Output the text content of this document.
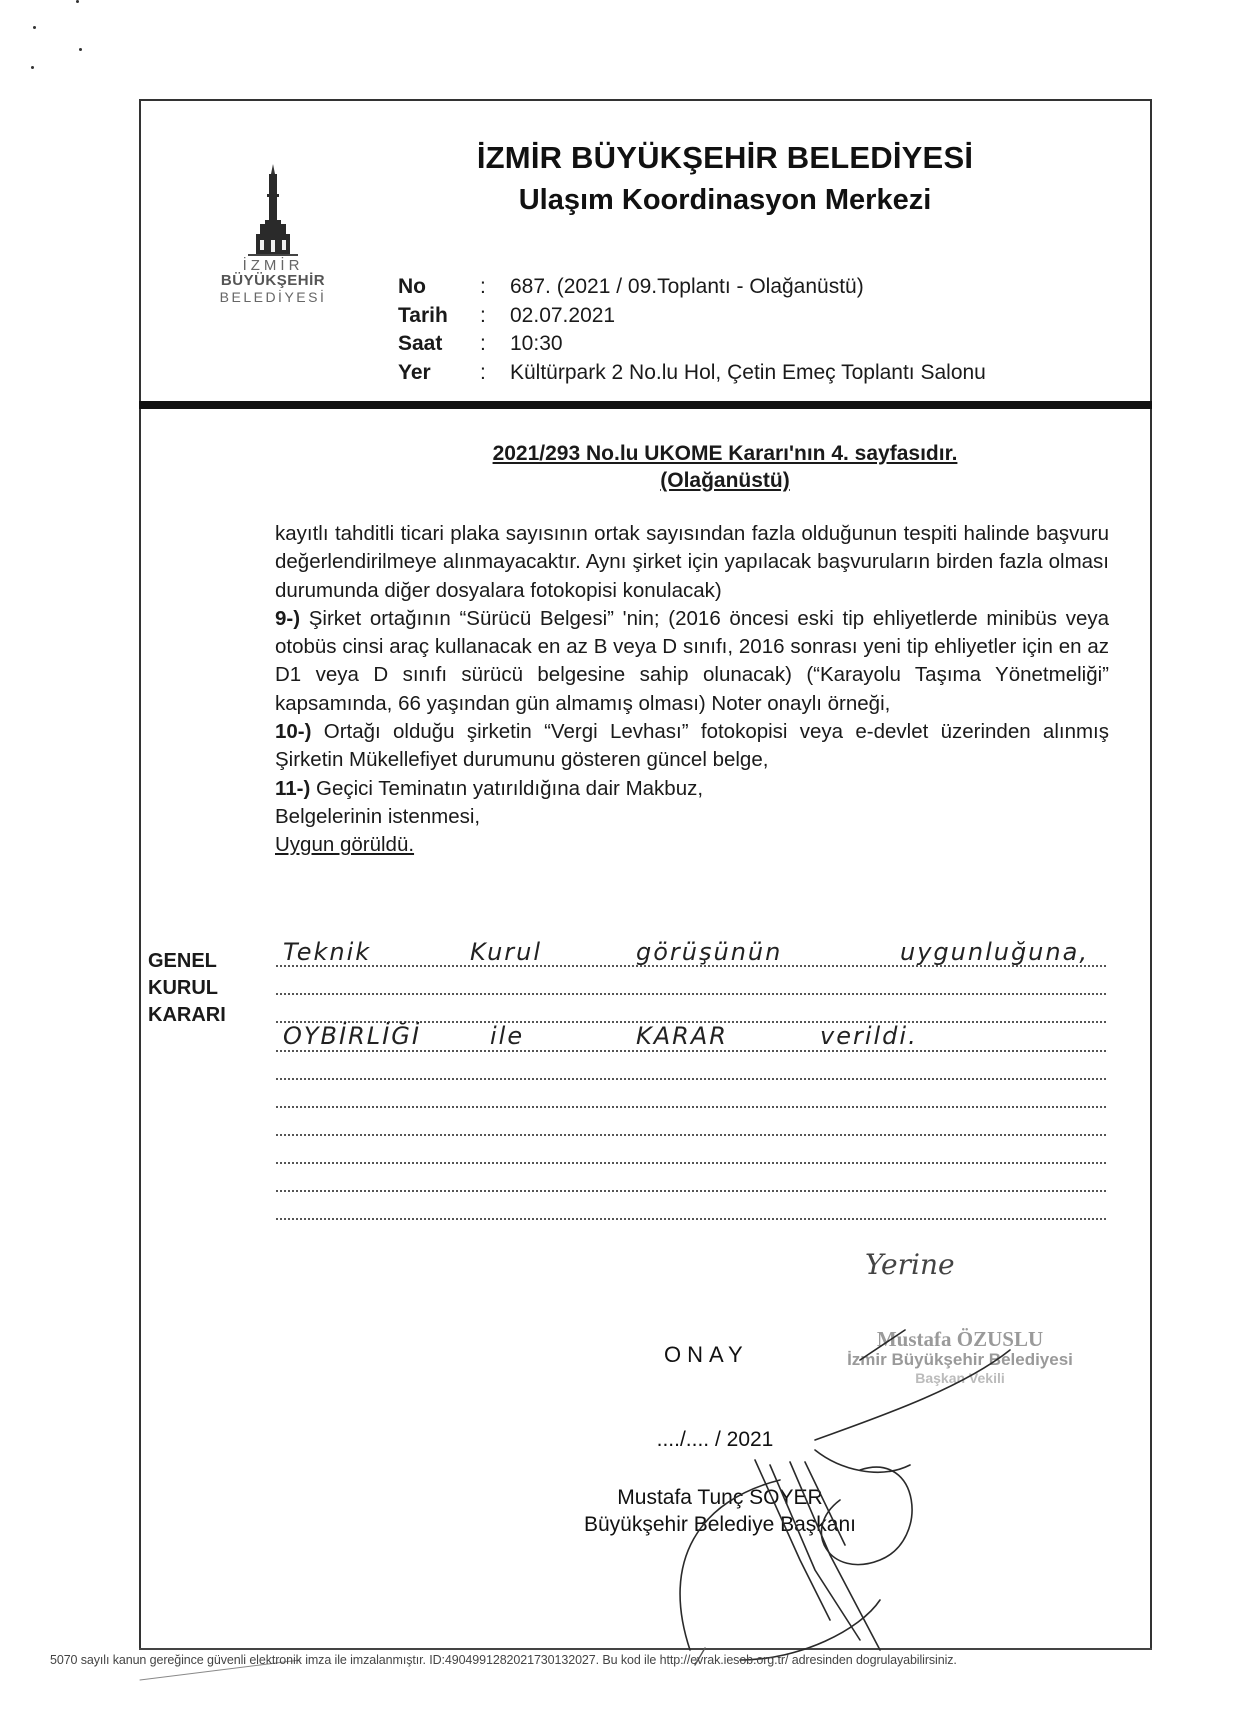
İZMİR
BÜYÜKŞEHİR
BELEDİYESİ
İZMİR BÜYÜKŞEHİR BELEDİYESİ
Ulaşım Koordinasyon Merkezi
No	:	687. (2021 / 09.Toplantı - Olağanüstü)
Tarih	:	02.07.2021
Saat	:	10:30
Yer	:	Kültürpark 2 No.lu Hol, Çetin Emeç Toplantı Salonu
2021/293 No.lu UKOME Kararı'nın 4. sayfasıdır.
(Olağanüstü)

kayıtlı tahditli ticari plaka sayısının ortak sayısından fazla olduğunun tespiti halinde başvuru değerlendirilmeye alınmayacaktır. Aynı şirket için yapılacak başvuruların birden fazla olması durumunda diğer dosyalara fotokopisi konulacak)

9-) Şirket ortağının “Sürücü Belgesi” 'nin; (2016 öncesi eski tip ehliyetlerde minibüs veya otobüs cinsi araç kullanacak en az B veya D sınıfı, 2016 sonrası yeni tip ehliyetler için en az D1 veya D sınıfı sürücü belgesine sahip olunacak) (“Karayolu Taşıma Yönetmeliği” kapsamında, 66 yaşından gün almamış olması) Noter onaylı örneği,

10-) Ortağı olduğu şirketin “Vergi Levhası” fotokopisi veya e-devlet üzerinden alınmış Şirketin Mükellefiyet durumunu gösteren güncel belge,

11-) Geçici Teminatın yatırıldığına dair Makbuz,

Belgelerinin istenmesi,

Uygun görüldü.

GENEL
KURUL
KARARI
Teknik	Kurul	görüşünün	uygunluğuna,
OYBİRLİĞİ	ile	KARAR	verildi.
Yerine
ONAY
Mustafa ÖZUSLU
İzmir Büyükşehir Belediyesi
Başkan Vekili
..../.... / 2021
Mustafa Tunç SOYER
Büyükşehir Belediye Başkanı
5070 sayılı kanun gereğince güvenli elektronik imza ile imzalanmıştır. ID:4904991282021730132027. Bu kod ile http://evrak.iesob.org.tr/ adresinden dogrulayabilirsiniz.
